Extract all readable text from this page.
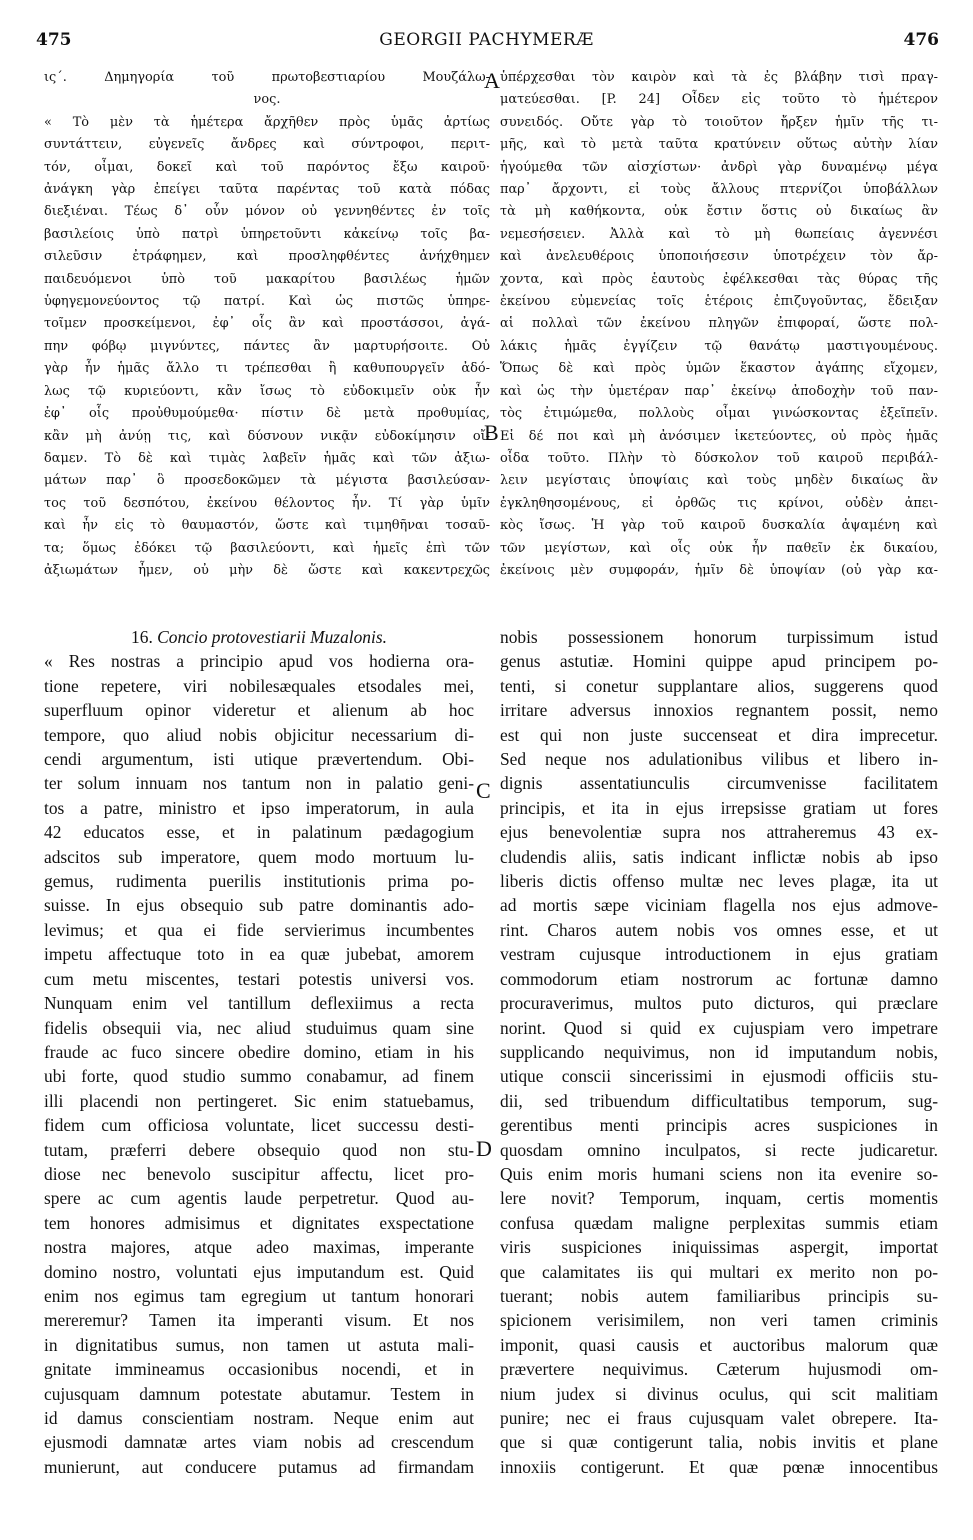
475	GEORGII PACHYMERÆ	476
ις΄. Δημηγορία τοῦ πρωτοβεστιαρίου Μουζάλω-
νος.
« Τὸ μὲν τὰ ἡμέτερα ἄρχῆθεν πρὸς ὑμᾶς ἀρτίως
συντάττειν, εὐγενεῖς ἄνδρες καὶ σύντροφοι, περιτ-
τόν, οἶμαι, δοκεῖ καὶ τοῦ παρόντος ἔξω καιροῦ·
ἀνάγκη γὰρ ἐπείγει ταῦτα παρέντας τοῦ κατὰ πόδας
διεξιέναι. Τέως δ᾽ οὖν μόνον οὐ γεννηθέντες ἐν τοῖς
βασιλείοις ὑπὸ πατρὶ ὑπηρετοῦντι κἀκείνῳ τοῖς βα-
σιλεῦσιν ἐτράφημεν, καὶ προσληφθέντες ἀνήχθημεν
παιδευόμενοι ὑπὸ τοῦ μακαρίτου βασιλέως ἡμῶν
ὑφηγεμονεύοντος τῷ πατρί. Καὶ ὡς πιστῶς ὑπηρε-
τοῖμεν προσκείμενοι, ἐφ᾽ οἷς ἂν καὶ προστάσσοι, ἀγά-
πην φόβῳ μιγνύντες, πάντες ἂν μαρτυρήσοιτε. Οὐ
γὰρ ἦν ἡμᾶς ἄλλο τι τρέπεσθαι ἢ καθυπουργεῖν ἀδό-
λως τῷ κυριεύοντι, κἂν ἴσως τὸ εὐδοκιμεῖν οὐκ ἦν
ἐφ᾽ οἷς προὐθυμούμεθα· πίστιν δὲ μετὰ προθυμίας,
κἂν μὴ ἀνύῃ τις, καὶ δύσνουν νικᾷν εὐδοκίμησιν οἴ-
δαμεν. Τὸ δὲ καὶ τιμὰς λαβεῖν ἡμᾶς καὶ τῶν ἀξιω-
μάτων παρ᾽ ὃ προσεδοκῶμεν τὰ μέγιστα βασιλεύσαν-
τος τοῦ δεσπότου, ἐκείνου θέλοντος ἦν. Τί γὰρ ὑμῖν
καὶ ἦν εἰς τὸ θαυμαστόν, ὥστε καὶ τιμηθῆναι τοσαῦ-
τα; ὅμως ἐδόκει τῷ βασιλεύοντι, καὶ ἡμεῖς ἐπὶ τῶν
ἀξιωμάτων ἦμεν, οὐ μὴν δὲ ὥστε καὶ κακεντρεχῶς
ὑπέρχεσθαι τὸν καιρὸν καὶ τὰ ἐς βλάβην τισὶ πραγ-
ματεύεσθαι. [P. 24] Οἶδεν εἰς τοῦτο τὸ ἡμέτερον
συνειδός. Οὔτε γὰρ τὸ τοιοῦτον ἤρξεν ἡμῖν τῆς τι-
μῆς, καὶ τὸ μετὰ ταῦτα κρατύνειν οὕτως αὐτὴν λίαν
ἡγούμεθα τῶν αἰσχίστων· ἀνδρὶ γὰρ δυναμένῳ μέγα
παρ᾽ ἄρχοντι, εἰ τοὺς ἄλλους πτερνίζοι ὑποβάλλων
τὰ μὴ καθήκοντα, οὐκ ἔστιν ὅστις οὐ δικαίως ἂν
νεμεσήσειεν. Ἀλλὰ καὶ τὸ μὴ θωπείαις ἀγεννέσι
καὶ ἀνελευθέροις ὑποποιήσεσιν ὑποτρέχειν τὸν ἄρ-
χοντα, καὶ πρὸς ἑαυτοὺς ἐφέλκεσθαι τὰς θύρας τῆς
ἐκείνου εὐμενείας τοῖς ἑτέροις ἐπιζυγοῦντας, ἔδειξαν
αἱ πολλαὶ τῶν ἐκείνου πληγῶν ἐπιφοραί, ὥστε πολ-
λάκις ἡμᾶς ἐγγίζειν τῷ θανάτῳ μαστιγουμένους.
Ὅπως δὲ καὶ πρὸς ὑμῶν ἕκαστον ἀγάπης εἴχομεν,
καὶ ὡς τὴν ὑμετέραν παρ᾽ ἐκείνῳ ἀποδοχὴν τοῦ παν-
τὸς ἐτιμώμεθα, πολλοὺς οἶμαι γινώσκοντας ἐξεῖπεῖν.
Εἰ δέ ποι καὶ μὴ ἀνόσιμεν ἱκετεύοντες, οὐ πρὸς ἡμᾶς
οἶδα τοῦτο. Πλὴν τὸ δύσκολον τοῦ καιροῦ περιβάλ-
λειν μεγίσταις ὑποψίαις καὶ τοὺς μηδὲν δικαίως ἂν
ἐγκληθησομένους, εἰ ὀρθῶς τις κρίνοι, οὐδὲν ἀπει-
κὸς ἴσως. Ἡ γὰρ τοῦ καιροῦ δυσκαλία ἀψαμένη καὶ
τῶν μεγίστων, καὶ οἷς οὐκ ἦν παθεῖν ἐκ δικαίου,
ἐκείνοις μὲν συμφοράν, ἡμῖν δὲ ὑποψίαν (οὐ γὰρ κα-
16. Concio protovestiarii Muzalonis.
« Res nostras a principio apud vos hodierna ora-
tione repetere, viri nobilesæquales etsodales mei,
superfluum opinor videretur et alienum ab hoc
tempore, quo aliud nobis objicitur necessarium di-
cendi argumentum, isti utique prævertendum. Obi-
ter solum innuam nos tantum non in palatio geni-
tos a patre, ministro et ipso imperatorum, in aula
42 educatos esse, et in palatinum pædagogium
adscitos sub imperatore, quem modo mortuum lu-
gemus, rudimenta puerilis institutionis prima po-
suisse. In ejus obsequio sub patre dominantis ado-
levimus; et qua ei fide servierimus incumbentes
impetu affectuque toto in ea quæ jubebat, amorem
cum metu miscentes, testari potestis universi vos.
Nunquam enim vel tantillum deflexiimus a recta
fidelis obsequii via, nec aliud studuimus quam sine
fraude ac fuco sincere obedire domino, etiam in his
ubi forte, quod studio summo conabamur, ad finem
illi placendi non pertingeret. Sic enim statuebamus,
fidem cum officiosa voluntate, licet successu desti-
tutam, præferri debere obsequio quod non stu-
diose nec benevolo suscipitur affectu, licet pro-
spere ac cum agentis laude perpetretur. Quod au-
tem honores admisimus et dignitates exspectatione
nostra majores, atque adeo maximas, imperante
domino nostro, voluntati ejus imputandum est. Quid
enim nos egimus tam egregium ut tantum honorari
mereremur? Tamen ita imperanti visum. Et nos
in dignitatibus sumus, non tamen ut astuta mali-
gnitate immineamus occasionibus nocendi, et in
cujusquam damnum potestate abutamur. Testem in
id damus conscientiam nostram. Neque enim aut
ejusmodi damnatæ artes viam nobis ad crescendum
munierunt, aut conducere putamus ad firmandam
nobis possessionem honorum turpissimum istud
genus astutiæ. Homini quippe apud principem po-
tenti, si conetur supplantare alios, suggerens quod
irritare adversus innoxios regnantem possit, nemo
est qui non juste succenseat et dira imprecetur.
Sed neque nos adulationibus vilibus et libero in-
dignis assentatiunculis circumvenisse facilitatem
principis, et ita in ejus irrepsisse gratiam ut fores
ejus benevolentiæ supra nos attraheremus 43 ex-
cludendis aliis, satis indicant inflictæ nobis ab ipso
liberis dictis offenso multæ nec leves plagæ, ita ut
ad mortis sæpe viciniam flagella nos ejus admove-
rint. Charos autem nobis vos omnes esse, et ut
vestram cujusque introductionem in ejus gratiam
commodorum etiam nostrorum ac fortunæ damno
procuraverimus, multos puto dicturos, qui præclare
norint. Quod si quid ex cujuspiam vero impetrare
supplicando nequivimus, non id imputandum nobis,
utique conscii sincerissimi in ejusmodi officiis stu-
dii, sed tribuendum difficultatibus temporum, sug-
gerentibus menti principis acres suspiciones in
quosdam omnino inculpatos, si recte judicaretur.
Quis enim moris humani sciens non ita evenire so-
lere novit? Temporum, inquam, certis momentis
confusa quædam maligne perplexitas summis etiam
viris suspiciones iniquissimas aspergit, importat
que calamitates iis qui multari ex merito non po-
tuerant; nobis autem familiaribus principis su-
spicionem verisimilem, non veri tamen criminis
imponit, quasi causis et auctoribus malorum quæ
prævertere nequivimus. Cæterum hujusmodi om-
nium judex si divinus oculus, qui scit malitiam
punire; nec ei fraus cujusquam valet obrepere. Ita-
que si quæ contigerunt talia, nobis invitis et plane
innoxiis contigerunt. Et quæ pœnæ innocentibus
A
B
C
D
